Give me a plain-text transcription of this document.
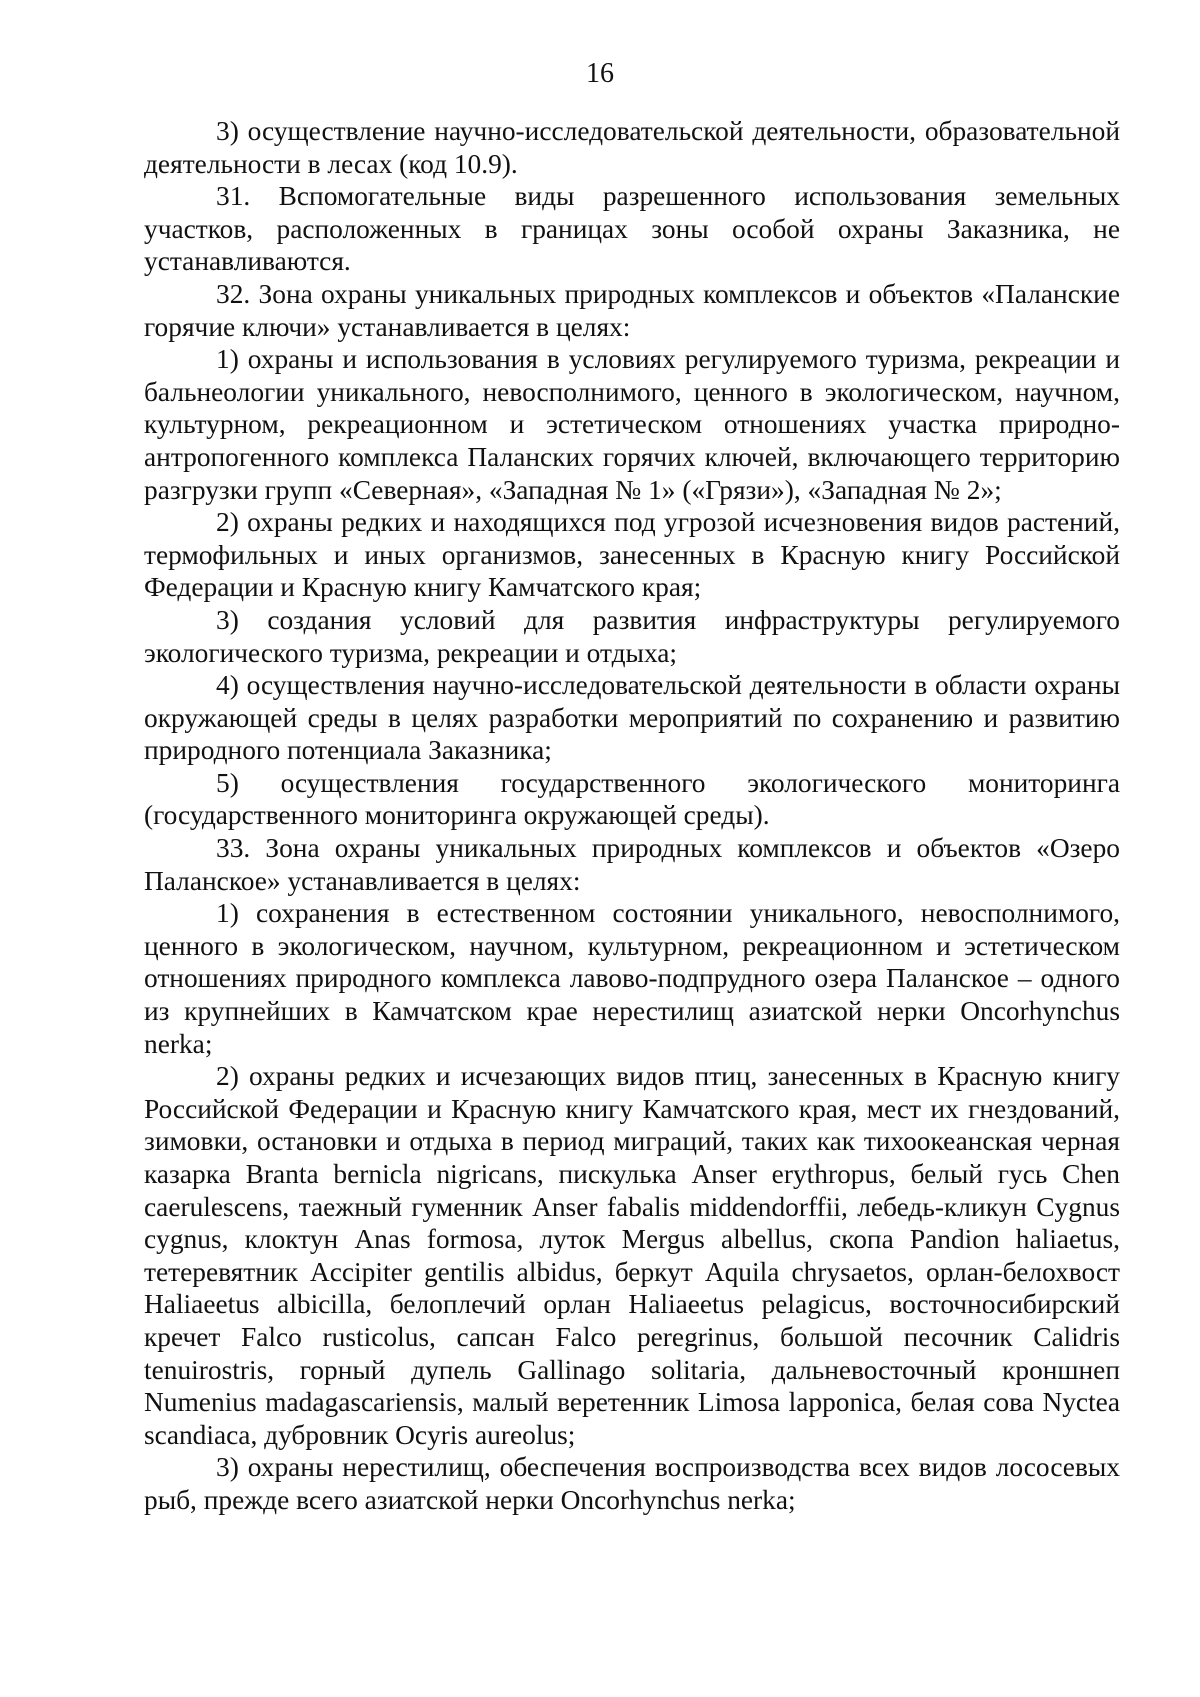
16

3) осуществление научно-исследовательской деятельности, образовательной деятельности в лесах (код 10.9).

31. Вспомогательные виды разрешенного использования земельных участков, расположенных в границах зоны особой охраны Заказника, не устанавливаются.

32. Зона охраны уникальных природных комплексов и объектов «Паланские горячие ключи» устанавливается в целях:

1) охраны и использования в условиях регулируемого туризма, рекреации и бальнеологии уникального, невосполнимого, ценного в экологическом, научном, культурном, рекреационном и эстетическом отношениях участка природно-антропогенного комплекса Паланских горячих ключей, включающего территорию разгрузки групп «Северная», «Западная № 1» («Грязи»), «Западная № 2»;

2) охраны редких и находящихся под угрозой исчезновения видов растений, термофильных и иных организмов, занесенных в Красную книгу Российской Федерации и Красную книгу Камчатского края;

3) создания условий для развития инфраструктуры регулируемого экологического туризма, рекреации и отдыха;

4) осуществления научно-исследовательской деятельности в области охраны окружающей среды в целях разработки мероприятий по сохранению и развитию природного потенциала Заказника;

5) осуществления государственного экологического мониторинга (государственного мониторинга окружающей среды).

33. Зона охраны уникальных природных комплексов и объектов «Озеро Паланское» устанавливается в целях:

1) сохранения в естественном состоянии уникального, невосполнимого, ценного в экологическом, научном, культурном, рекреационном и эстетическом отношениях природного комплекса лавово-подпрудного озера Паланское – одного из крупнейших в Камчатском крае нерестилищ азиатской нерки Oncorhynchus nerka;

2) охраны редких и исчезающих видов птиц, занесенных в Красную книгу Российской Федерации и Красную книгу Камчатского края, мест их гнездований, зимовки, остановки и отдыха в период миграций, таких как тихоокеанская черная казарка Branta bernicla nigricans, пискулька Anser erythropus, белый гусь Chen caerulescens, таежный гуменник Anser fabalis middendorffii, лебедь-кликун Cygnus cygnus, клоктун Anas formosa, луток Mergus albellus, скопа Pandion haliaetus, тетеревятник Accipiter gentilis albidus, беркут Aquila chrysaetos, орлан-белохвост Haliaeetus albicilla, белоплечий орлан Haliaeetus pelagicus, восточносибирский кречет Falco rusticolus, сапсан Falco peregrinus, большой песочник Calidris tenuirostris, горный дупель Gallinago solitaria, дальневосточный кроншнеп Numenius madagascariensis, малый веретенник Limosa lapponica, белая сова Nyctea scandiaca, дубровник Ocyris aureolus;

3) охраны нерестилищ, обеспечения воспроизводства всех видов лососевых рыб, прежде всего азиатской нерки Oncorhynchus nerka;
